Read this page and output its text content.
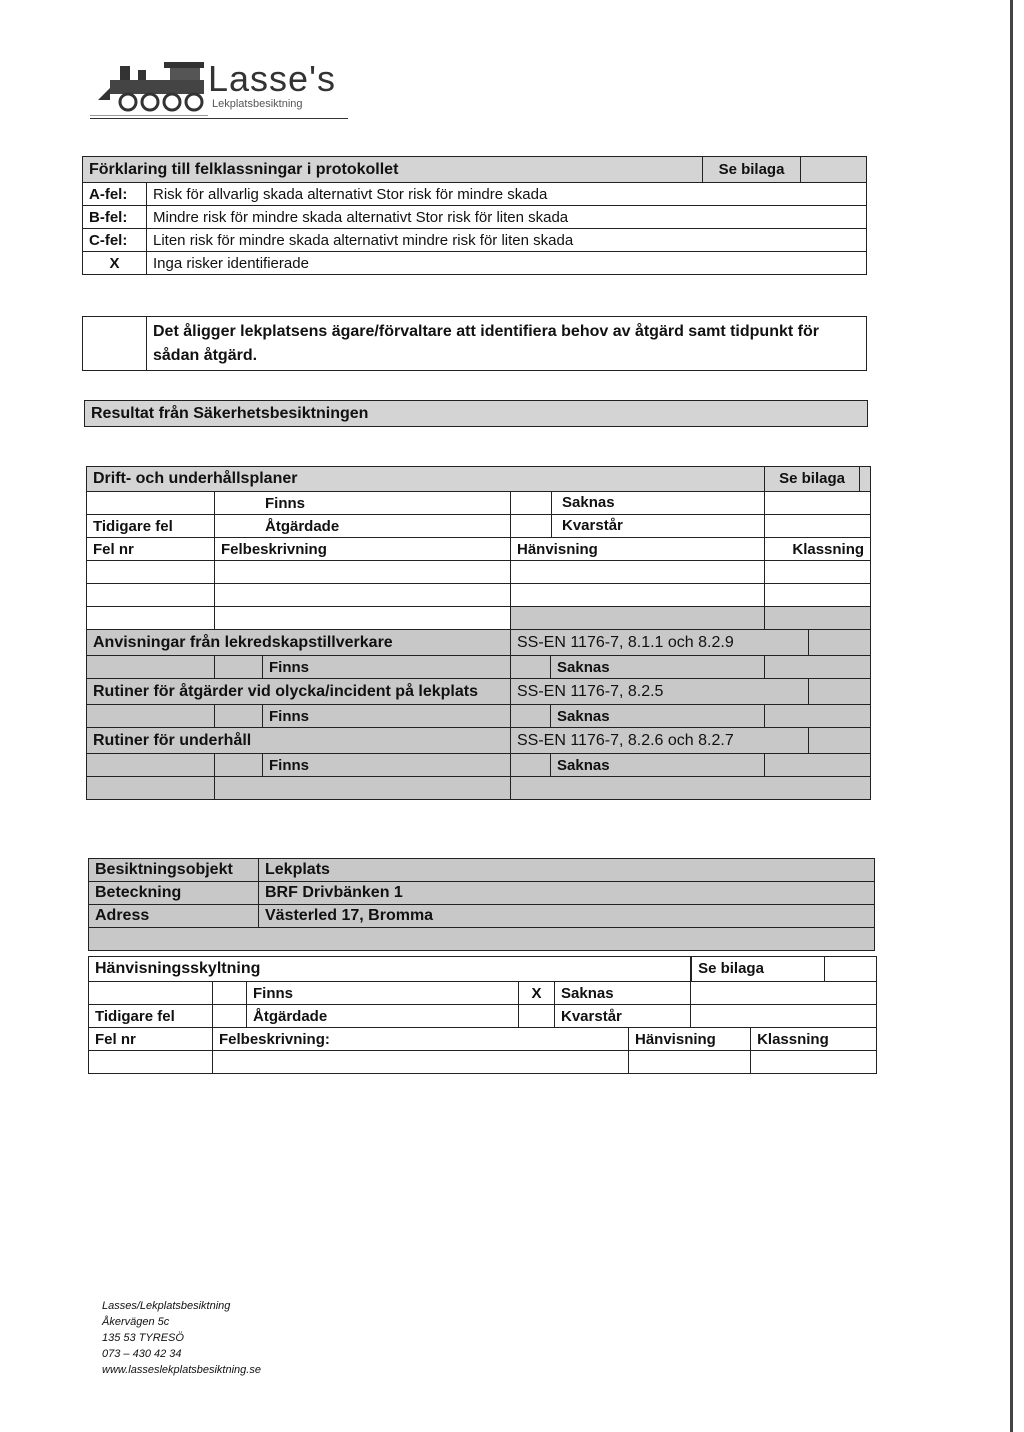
Lasse's
Lekplatsbesiktning
Förklaring till felklassningar i protokollet		Se bilaga	
A-fel:	Risk för allvarlig skada alternativt Stor risk för mindre skada		
B-fel:	Mindre risk för mindre skada alternativt Stor risk för liten skada		
C-fel:	Liten risk för mindre skada alternativt mindre risk för liten skada		
X	Inga risker identifierade		
	Det åligger lekplatsens ägare/förvaltare att identifiera behov av åtgärd samt tidpunkt för sådan åtgärd.
Resultat från Säkerhetsbesiktningen
Drift- och underhållsplaner					Se bilaga	

	Finns		Saknas			

Tidigare fel	Åtgärdade		Kvarstår			

Fel nr	Felbeskrivning		Hänvisning		Klassning	

Anvisningar från lekredskapstillverkare			SS-EN 1176-7, 8.1.1 och 8.2.9			
		Finns		Saknas		
Rutiner för åtgärder vid olycka/incident på lekplats			SS-EN 1176-7, 8.2.5			
		Finns		Saknas		
Rutiner för underhåll			SS-EN 1176-7, 8.2.6 och 8.2.7			
		Finns		Saknas		

Besiktningsobjekt	Lekplats
Beteckning	BRF Drivbänken 1
Adress	Västerled 17, Bromma

Hänvisningsskyltning						Se bilaga	

		Finns	X	Saknas			
Tidigare fel		Åtgärdade		Kvarstår			
Fel nr	Felbeskrivning:				Hänvisning		Klassning

Lasses/Lekplatsbesiktning
Åkervägen 5c
135 53 TYRESÖ
073 – 430 42 34
www.lasseslekplatsbesiktning.se
